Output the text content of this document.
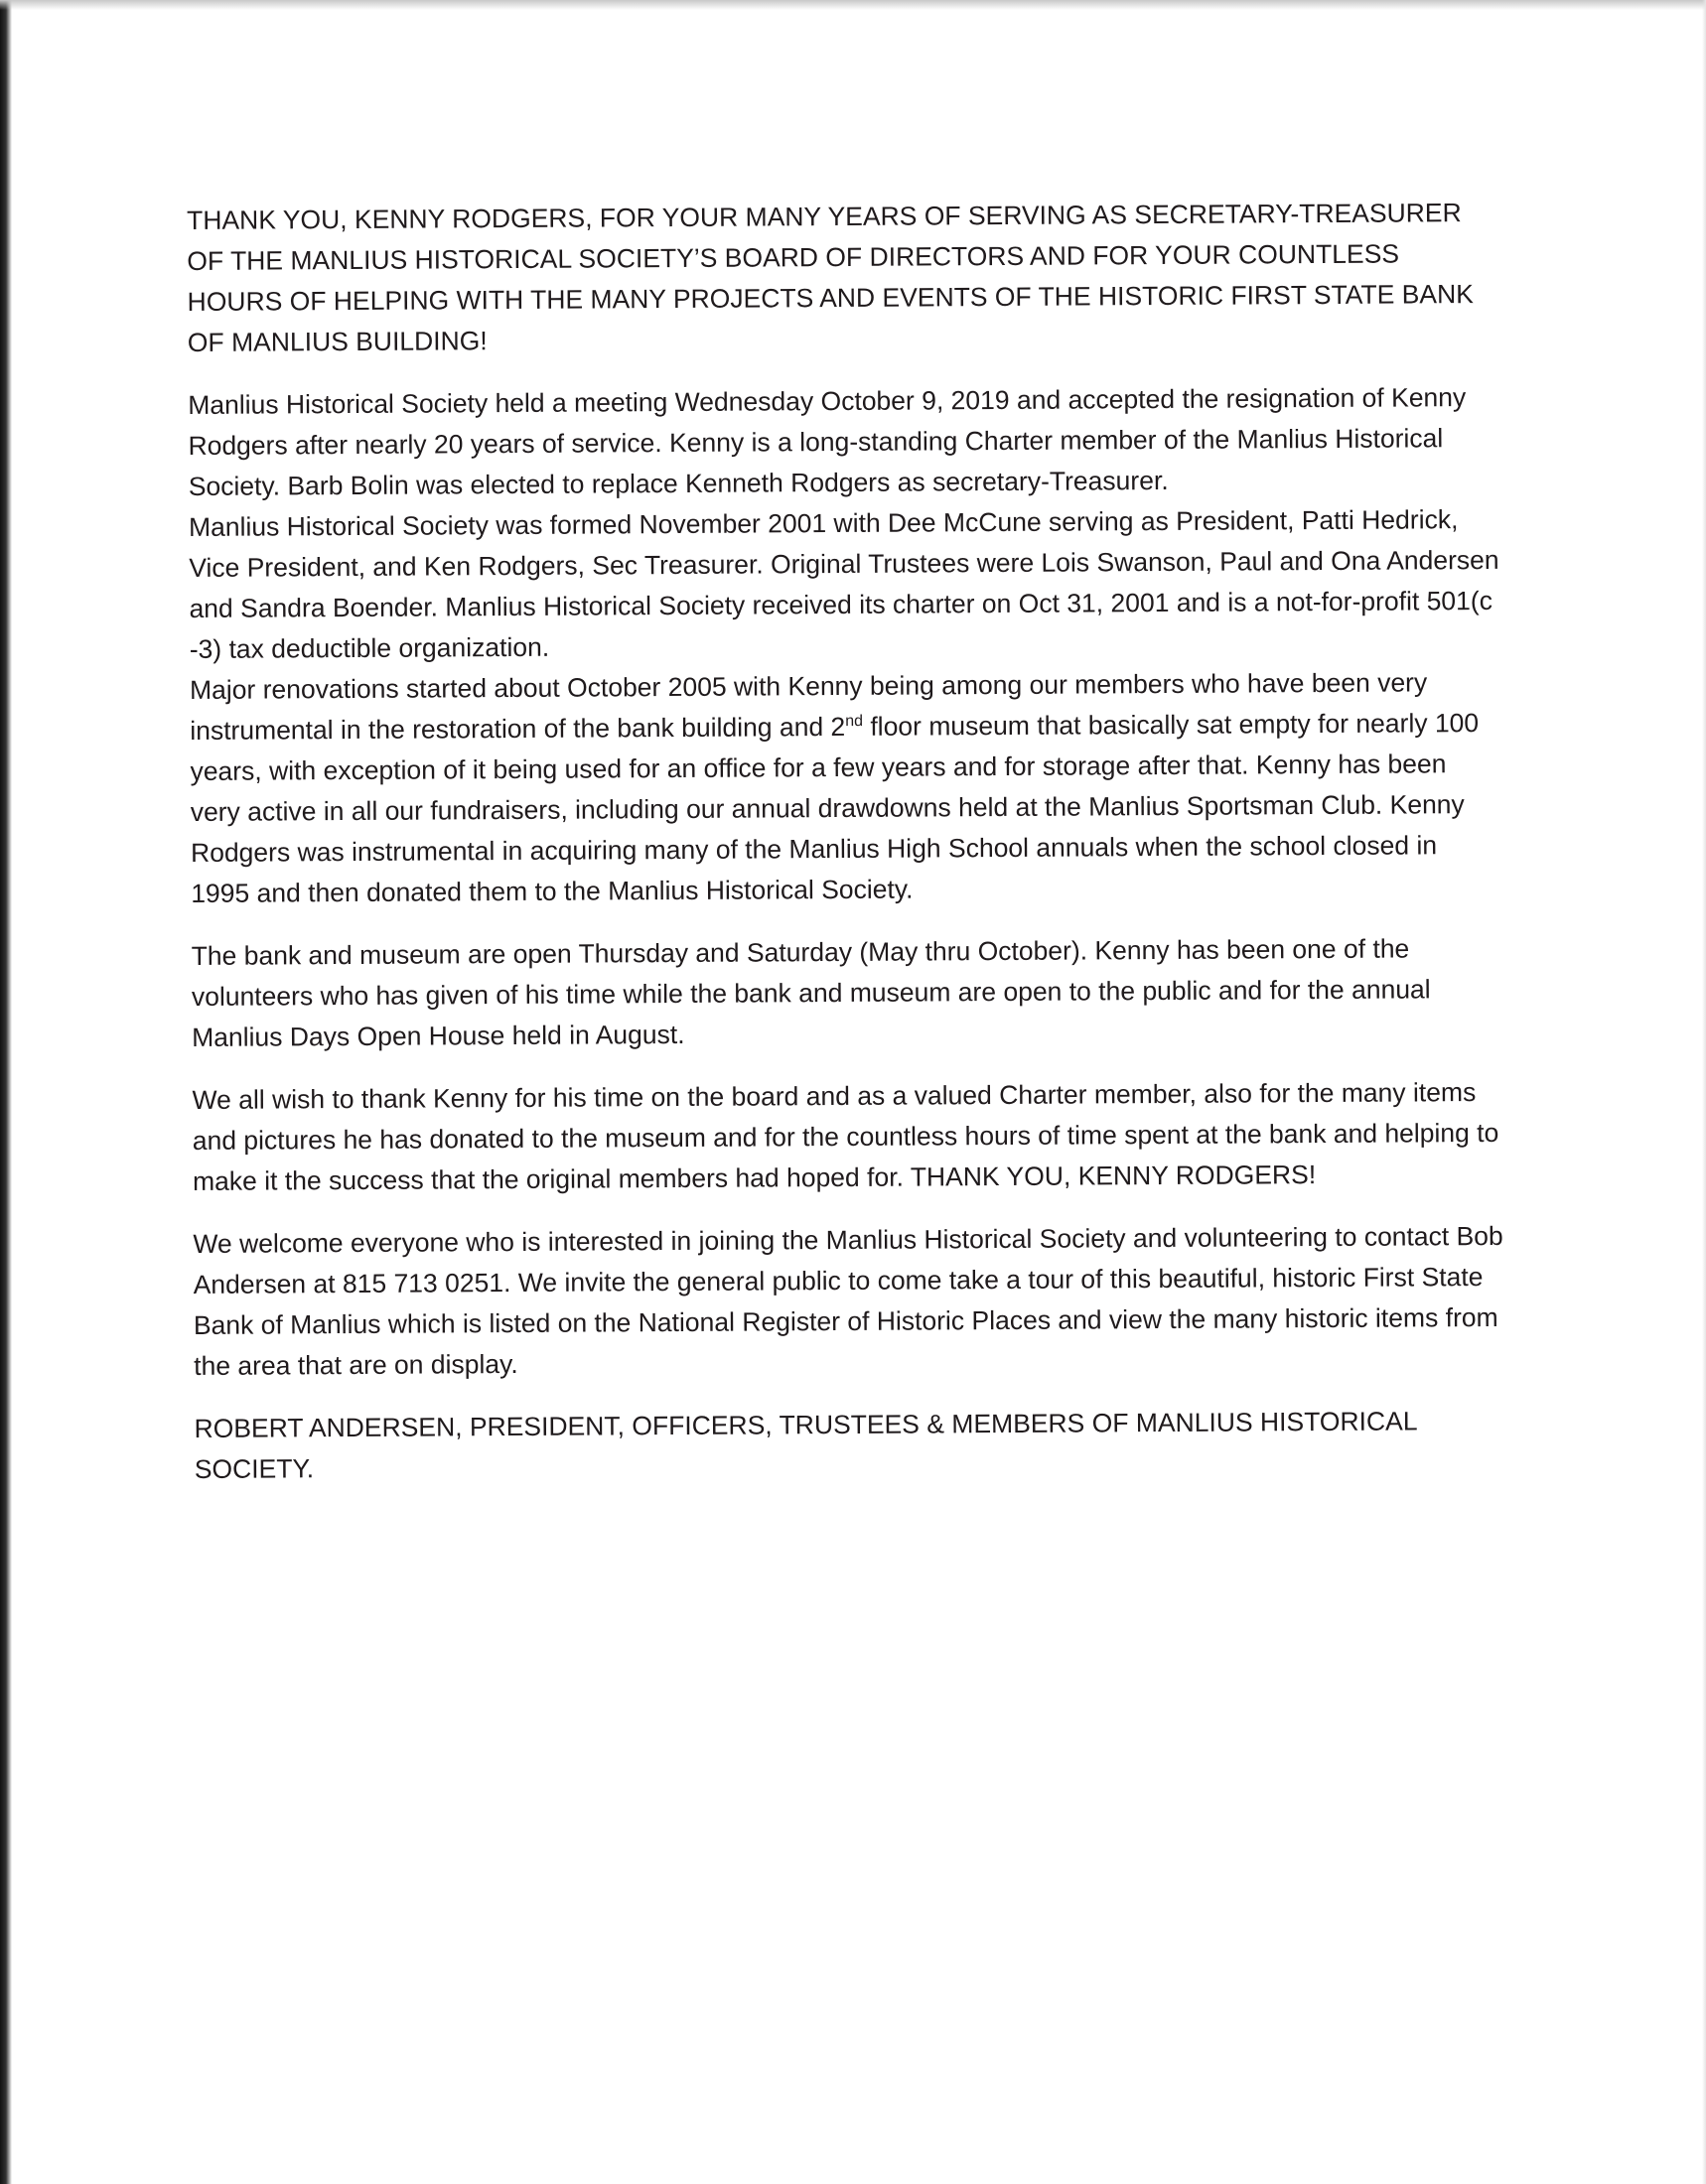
THANK YOU, KENNY RODGERS, FOR YOUR MANY YEARS OF SERVING AS SECRETARY-TREASURER OF THE MANLIUS HISTORICAL SOCIETY’S BOARD OF DIRECTORS AND FOR YOUR COUNTLESS HOURS OF HELPING WITH THE MANY PROJECTS AND EVENTS OF THE HISTORIC FIRST STATE BANK OF MANLIUS BUILDING!

Manlius Historical Society held a meeting Wednesday October 9, 2019 and accepted the resignation of Kenny Rodgers after nearly 20 years of service. Kenny is a long-standing Charter member of the Manlius Historical Society. Barb Bolin was elected to replace Kenneth Rodgers as secretary-Treasurer.

Manlius Historical Society was formed November 2001 with Dee McCune serving as President, Patti Hedrick, Vice President, and Ken Rodgers, Sec Treasurer. Original Trustees were Lois Swanson, Paul and Ona Andersen and Sandra Boender. Manlius Historical Society received its charter on Oct 31, 2001 and is a not-for-profit 501(c -3) tax deductible organization.

Major renovations started about October 2005 with Kenny being among our members who have been very instrumental in the restoration of the bank building and 2nd floor museum that basically sat empty for nearly 100 years, with exception of it being used for an office for a few years and for storage after that. Kenny has been very active in all our fundraisers, including our annual drawdowns held at the Manlius Sportsman Club. Kenny Rodgers was instrumental in acquiring many of the Manlius High School annuals when the school closed in 1995 and then donated them to the Manlius Historical Society.

The bank and museum are open Thursday and Saturday (May thru October). Kenny has been one of the volunteers who has given of his time while the bank and museum are open to the public and for the annual Manlius Days Open House held in August.

We all wish to thank Kenny for his time on the board and as a valued Charter member, also for the many items and pictures he has donated to the museum and for the countless hours of time spent at the bank and helping to make it the success that the original members had hoped for. THANK YOU, KENNY RODGERS!

We welcome everyone who is interested in joining the Manlius Historical Society and volunteering to contact Bob Andersen at 815 713 0251. We invite the general public to come take a tour of this beautiful, historic First State Bank of Manlius which is listed on the National Register of Historic Places and view the many historic items from the area that are on display.

ROBERT ANDERSEN, PRESIDENT, OFFICERS, TRUSTEES & MEMBERS OF MANLIUS HISTORICAL SOCIETY.
